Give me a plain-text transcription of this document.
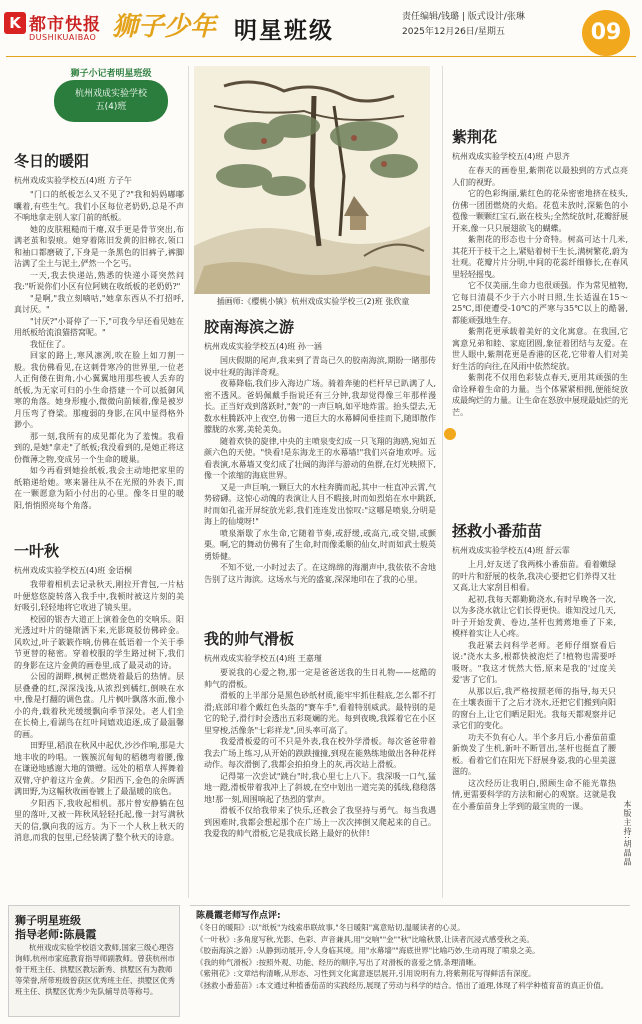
K 都市快报
DUSHIKUAIBAO 狮子少年 明星班级	责任编辑/钱璐 | 版式设计/张琳
2025年12月26日/星期五	09
狮子小记者明星班级
杭州戏成实验学校
五(4)班
插画师:《樱桃小镇》杭州戏成实验学校三(2)班 张欣童
冬日的暖阳
杭州戏成实验学校五(4)班 方子午

"门口的纸板怎么又不见了?"我和妈妈嘟嘟囔着,有些生气。我们小区每位老奶奶,总是不声不响地拿走别人家门前的纸板。

她的皮肤粗糙而干瘪,双手更是骨节突出,布满老茧和裂痕。她穿着陈旧发黄的旧棉衣,领口和袖口都磨破了,下身是一条黑色的旧裤子,裤脚沾满了尘土与泥土,俨然一个乞丐。

一天,我去快递站,熟悉的快递小哥突然问我:"听说你们小区有位阿姨在收纸板的老奶奶?"

"是啊,"我立刻嘀咕,"她拿东西从不打招呼,真讨厌。"

"讨厌?"小哥停了一下,"可我今早还看见她在用纸板给流浪猫搭窝呢。"

我怔住了。

回家的路上,寒风凛冽,吹在脸上如刀割一般。我仿佛看见,在这刺骨寒冷的世界里,一位老人正佝偻在街角,小心翼翼地用那些被人丢弃的纸板,为无家可归的小生命搭建一个可以抵御风寒的角落。她身形瘦小,微微向前倾着,像是被岁月压弯了脊梁。那瘦弱的身影,在风中显得格外渺小。

那一刻,我所有的成见都化为了羞愧。我看到的,是她"拿走"了纸板;我没看到的,是她正将这份微薄之物,变成另一个生命的暖巢。

如今再看到她捡纸板,我会主动地把家里的纸箱递给她。寒来暑往从不在光照的外表下,而在一颗愿意为陌小付出的心里。像冬日里的暖阳,悄悄照亮每个角落。

一叶秋
杭州戏成实验学校五(4)班 金语桐

我带着相机去记录秋天,刚拉开背包,一片枯叶便悠悠旋转落入我手中,我顿时被这片刻的美好吸引,轻轻地将它收进了镜头里。

校园的银杏大道正上演着金色的交响乐。阳光透过叶片的缝隙洒下来,光影斑驳仿佛碎金。风吹过,叶子簌簌作响,仿佛在低语着一个关于季节更替的秘密。穿着校服的学生路过树下,我们的身影在这片金黄的画卷里,成了最灵动的诗。

公园的湖畔,枫树正燃烧着最后的热情。层层叠叠的红,深深浅浅,从浓烈到橘红,倒映在水中,像是打翻的调色盘。几片枫叶飘落水面,像小小的舟,载着秋光缓缓飘向季节深处。老人们坐在长椅上,看湖鸟在红叶间嬉戏追逐,成了最温馨的画。

田野里,稻浪在秋风中起伏,沙沙作响,那是大地丰收的吟唱。一簇簇沉甸甸的稻穗弯着腰,像在谦逊地感谢大地的馈赠。远处的稻草人挥舞着双臂,守护着这片金黄。夕阳西下,金色的余晖洒满田野,为这幅秋收画卷镀上了最温暖的底色。

夕阳西下,我收起相机。那片曾安静躺在包里的落叶,又被一阵秋风轻轻托起,像一封写满秋天的信,飘向我的远方。为下一个人秋上秋天的消息,而我的包里,已经装满了整个秋天的诗意。

胶南海滨之游
杭州戏成实验学校五(4)班 孙一涵

国庆假期的尾声,我来到了青岛已久的胶南海滨,期盼一睹那传说中壮观的海洋奇观。

夜幕降临,我们步入海边广场。骑着奔驰的栏杆早已趴满了人,密不透风。爸妈佩戴手指说还有三分钟,我却觉得像三年那样漫长。正当好戏到落跃时,"轰"的一声巨响,如平地炸雷。抬头望去,无数水柱腾跃冲上夜空,仿佛一道巨大的水幕瞬间垂挂而下,随即散作朦胧的水雾,美轮美奂。

随着欢快的旋律,中央的主喷泉变幻成一只飞翔的海鸥,宛如五颜六色的天使。"快看!是东海龙王的水幕墙!"我们兴奋地欢呼。远看表演,水幕墙又变幻成了壮阔的海洋与游动的鱼群,在灯光映照下,像一个浓缩的海底世界。

又是一声巨响,一颗巨大的水柱奔腾而起,其中一柱直冲云霄,气势磅礴。这惊心动魄的表演让人目不暇接,时而如烈焰在水中跳跃,时而如孔雀开屏绽放光彩,我们连连发出惊叹:"这哪是喷泉,分明是海上的仙境呀!"

喷泉渐歇了水生命,它随着节奏,或舒缓,或高亢,或交错,或颤栗。啊,它的舞动仿佛有了生命,时而像柔顺的仙女,时而如武士般英勇矫健。

不知不觉,一小时过去了。在这绵绵的海潮声中,我依依不舍地告别了这片海滨。这场水与光的盛宴,深深地印在了我的心里。

我的帅气滑板
杭州戏成实验学校五(4)班 王嘉瑾

要说我的心爱之物,那一定是爸爸送我的生日礼物——炫酷的帅气的滑板。

滑板的上半部分是黑色砂纸材质,能牢牢抓住鞋底,怎么都不打滑;底部印着个戴红色头盔的"赛车手",看着特别威武。最特别的是它的轮子,滑行时会透出五彩斑斓的光。每到夜晚,我踩着它在小区里穿梭,活像条"七彩祥龙",回头率可高了。

我爱滑板爱的可不只是外表,我在校外学滑板。每次爸爸带着我去广场上练习,从开始的跌跌撞撞,到现在能熟练地做出各种花样动作。每次滑倒了,我都会拍拍身上的灰,再次站上滑板。

记得第一次尝试"跳台"时,我心里七上八下。我深吸一口气,猛地一蹬,滑板带着我冲上了斜坡,在空中划出一道完美的弧线,稳稳落地!那一刻,周围响起了热烈的掌声。

滑板不仅给我带来了快乐,还教会了我坚持与勇气。每当我遇到困难时,我都会想起那个在广场上一次次摔倒又爬起来的自己。我爱我的帅气滑板,它是我成长路上最好的伙伴!

紫荆花
杭州戏成实验学校五(4)班 卢思齐

在春天的画卷里,紫荆花以最独到的方式点亮人们的视野。

它的色彩绚丽,紫红色的花朵密密地挤在枝头,仿佛一团团燃烧的火焰。花苞未放时,深紫色的小苞像一颗颗红宝石,嵌在枝头;全然绽放时,花瓣舒展开来,像一只只展翅欲飞的蝴蝶。

紫荆花的形态也十分奇特。树高可达十几米,其花开于枝干之上,紧贴着树干生长,满树繁花,蔚为壮观。花瓣片片分明,中间的花蕊纤细修长,在春风里轻轻摇曳。

它不仅美丽,生命力也很顽强。作为常见植物,它每日清晨不少于六小时日照,生长适温在15～25℃,即使遭受-10℃的严寒与35℃以上的酷暑,都能顽强地生存。

紫荆花更承载着美好的文化寓意。在我国,它寓意兄弟和睦、家庭团圆,象征着团结与友爱。在世人眼中,紫荆花更是香港的区花,它带着人们对美好生活的向往,在风雨中依然绽放。

紫荆花不仅用色彩装点春天,更用其顽强的生命诠释着生命的力量。当个体紧紧相拥,便能绽放成最绚烂的力量。让生命在怒放中展现最灿烂的光芒。

拯救小番茄苗
杭州戏成实验学校五(4)班 舒云霏

上月,好友送了我两株小番茄苗。看着嫩绿的叶片和舒展的枝条,我决心要把它们养得又壮又高,让大家刮目相看。

起初,我每天都勤勤浇水,有时早晚各一次,以为多浇水就让它们长得更快。谁知没过几天,叶子开始发黄、卷边,茎杆也蔫蔫地垂了下来,模样着实让人心疼。

我赶紧去问科学老师。老师仔细察看后说:"浇水太多,根都快被泡烂了!植物也需要呼吸呀。"我这才恍然大悟,原来是我的'过度关爱'害了它们。

从那以后,我严格按照老师的指导,每天只在土壤表面干了之后才浇水,还把它们搬到向阳的窗台上,让它们晒足阳光。我每天都观察并记录它们的变化。

功夫不负有心人。半个多月后,小番茄苗重新焕发了生机,新叶不断冒出,茎杆也挺直了腰板。看着它们在阳光下舒展身姿,我的心里美滋滋的。

这次经历让我明白,照顾生命不能光靠热情,更需要科学的方法和耐心的观察。这就是我在小番茄苗身上学到的最宝贵的一课。	本版主持:胡晶晶
狮子明星班级
指导老师:陈晨霞
杭州戏成实验学校语文教师,国家三级心理咨询师,杭州市家庭教育指导师副教师。曾获杭州市骨干班主任、拱墅区教坛新秀、拱墅区有为教师等荣誉,所带班级曾获区优秀班主任、拱墅区优秀班主任、拱墅区优秀少先队辅导员等称号。
陈晨霞老师写作点评:
《冬日的暖阳》:以"纸板"为线索串联故事,"冬日暖阳"寓意贴切,温暖读者的心灵。
《一叶秋》:多角度写秋,光影、色彩、声音兼具,用"交响""金""秋"比喻秋景,让读者沉浸式感受秋之美。
《胶南海滨之游》:从静到动展开,令人身临其境。用"水幕墙""海底世界"比喻巧妙,生动再现了喷泉之美。
《我的帅气滑板》:按照外观、功能、经历的顺序,写出了对滑板的喜爱之情,条理清晰。
《紫荆花》:文章结构清晰,从形态、习性到文化寓意逐层展开,引用说明有力,将紫荆花写得鲜活有深度。
《拯救小番茄苗》:本文通过种植番茄苗的实践经历,展现了劳动与科学的结合。悟出了道理,体现了科学种植育苗的真正价值。
